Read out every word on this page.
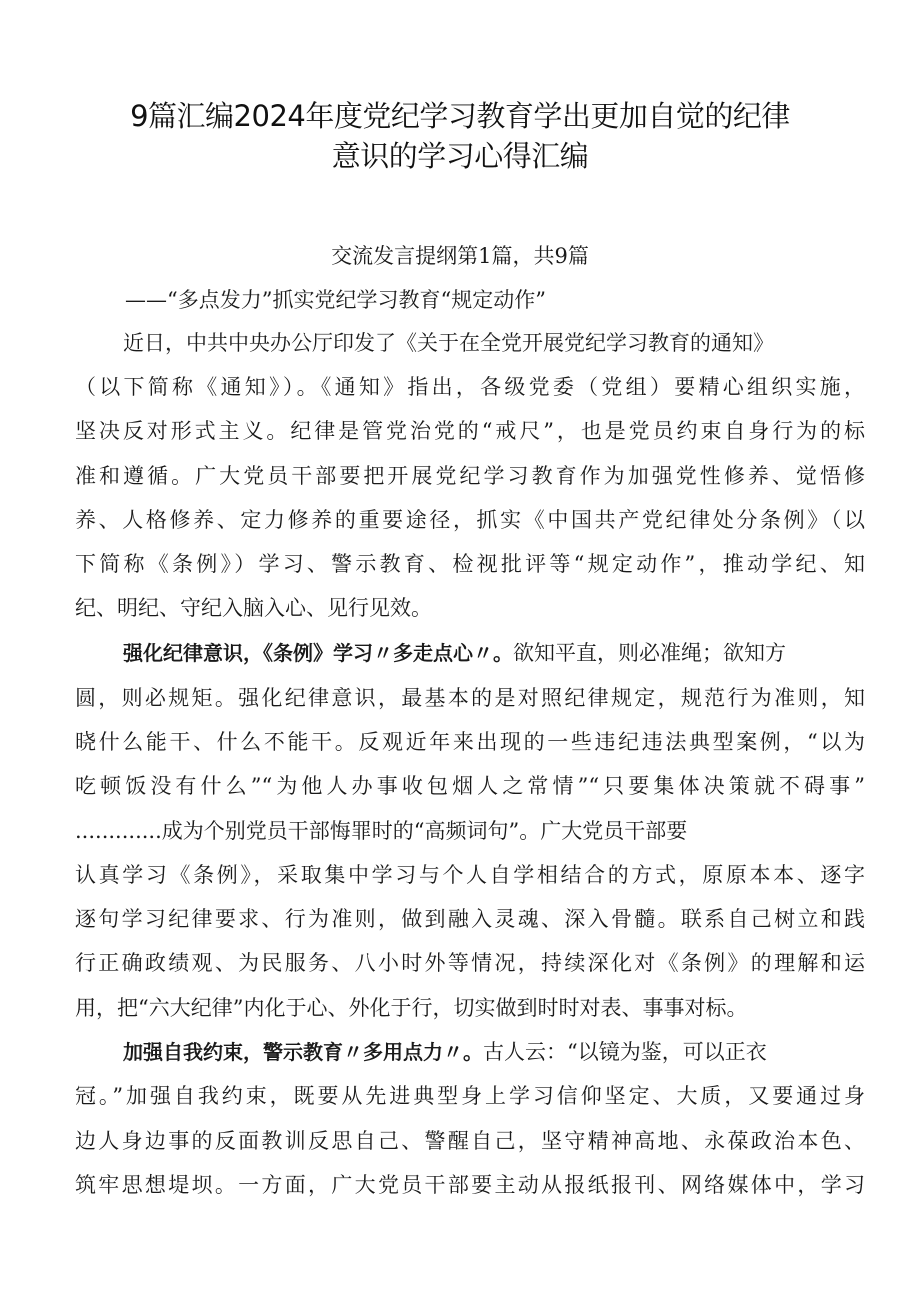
9篇汇编2024年度党纪学习教育学出更加自觉的纪律
意识的学习心得汇编
交流发言提纲第1篇，共9篇
——“多点发力”抓实党纪学习教育“规定动作”
近日，中共中央办公厅印发了《关于在全党开展党纪学习教育的通知》
（以下简称《通知》）。《通知》指出，各级党委（党组）要精心组织实施，
坚决反对形式主义。纪律是管党治党的“戒尺”，也是党员约束自身行为的标
准和遵循。广大党员干部要把开展党纪学习教育作为加强党性修养、觉悟修
养、人格修养、定力修养的重要途径，抓实《中国共产党纪律处分条例》（以
下简称《条例》）学习、警示教育、检视批评等“规定动作”，推动学纪、知
纪、明纪、守纪入脑入心、见行见效。
强化纪律意识，《条例》学习〃多走点心〃。欲知平直，则必准绳；欲知方
圆，则必规矩。强化纪律意识，最基本的是对照纪律规定，规范行为准则，知
晓什么能干、什么不能干。反观近年来出现的一些违纪违法典型案例，“以为
吃顿饭没有什么”“为他人办事收包烟人之常情”“只要集体决策就不碍事”
.............成为个别党员干部悔罪时的“高频词句”。广大党员干部要
认真学习《条例》，采取集中学习与个人自学相结合的方式，原原本本、逐字
逐句学习纪律要求、行为准则，做到融入灵魂、深入骨髓。联系自己树立和践
行正确政绩观、为民服务、八小时外等情况，持续深化对《条例》的理解和运
用，把“六大纪律”内化于心、外化于行，切实做到时时对表、事事对标。
加强自我约束，警示教育〃多用点力〃。古人云：“以镜为鉴，可以正衣
冠。”加强自我约束，既要从先进典型身上学习信仰坚定、大质，又要通过身
边人身边事的反面教训反思自己、警醒自己，坚守精神高地、永葆政治本色、
筑牢思想堤坝。一方面，广大党员干部要主动从报纸报刊、网络媒体中，学习
